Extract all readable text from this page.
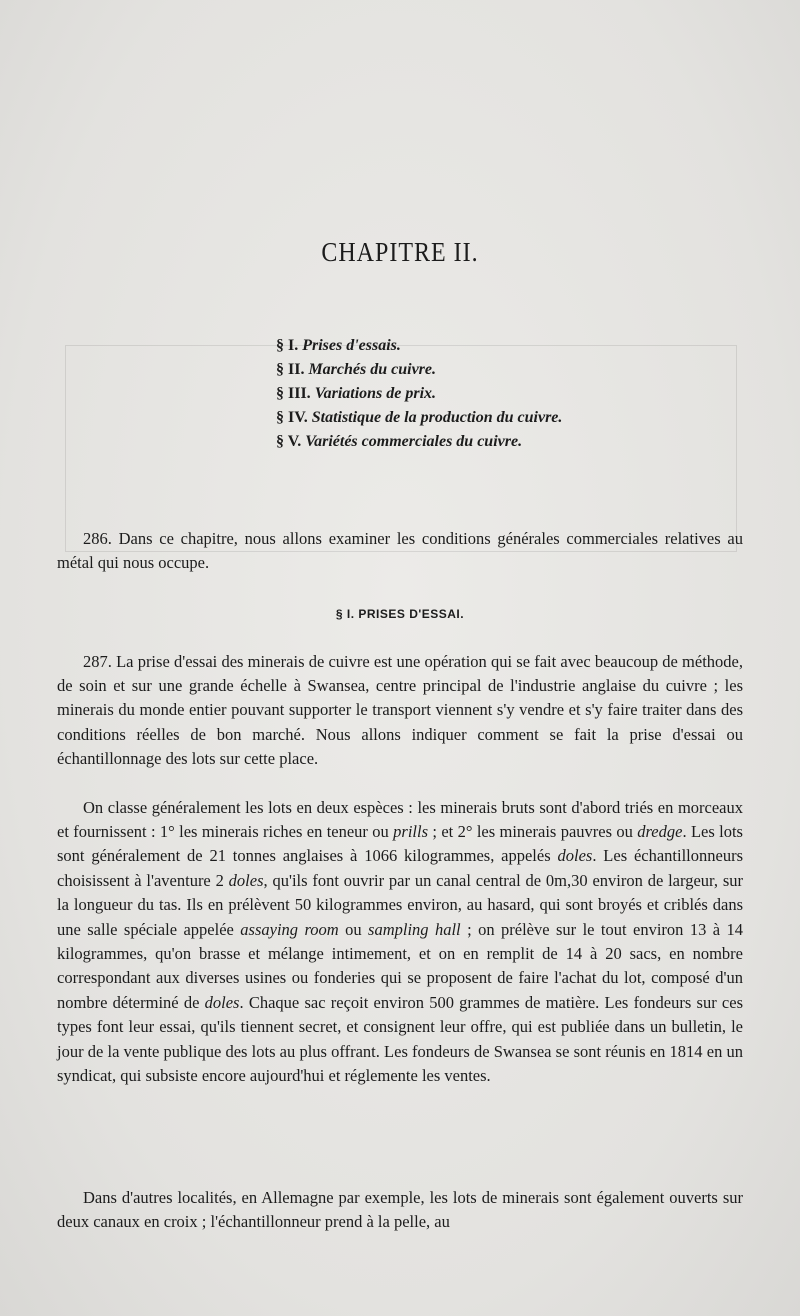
CHAPITRE II.
§ I. Prises d'essais.
§ II. Marchés du cuivre.
§ III. Variations de prix.
§ IV. Statistique de la production du cuivre.
§ V. Variétés commerciales du cuivre.

286. Dans ce chapitre, nous allons examiner les conditions générales commerciales relatives au métal qui nous occupe.

§ I. PRISES D'ESSAI.

287. La prise d'essai des minerais de cuivre est une opération qui se fait avec beaucoup de méthode, de soin et sur une grande échelle à Swansea, centre principal de l'industrie anglaise du cuivre ; les minerais du monde entier pouvant supporter le transport viennent s'y vendre et s'y faire traiter dans des conditions réelles de bon marché. Nous allons indiquer comment se fait la prise d'essai ou échantillonnage des lots sur cette place.

On classe généralement les lots en deux espèces : les minerais bruts sont d'abord triés en morceaux et fournissent : 1° les minerais riches en teneur ou prills ; et 2° les minerais pauvres ou dredge. Les lots sont généralement de 21 tonnes anglaises à 1066 kilogrammes, appelés doles. Les échantillonneurs choisissent à l'aventure 2 doles, qu'ils font ouvrir par un canal central de 0m,30 environ de largeur, sur la longueur du tas. Ils en prélèvent 50 kilogrammes environ, au hasard, qui sont broyés et criblés dans une salle spéciale appelée assaying room ou sampling hall ; on prélève sur le tout environ 13 à 14 kilogrammes, qu'on brasse et mélange intimement, et on en remplit de 14 à 20 sacs, en nombre correspondant aux diverses usines ou fonderies qui se proposent de faire l'achat du lot, composé d'un nombre déterminé de doles. Chaque sac reçoit environ 500 grammes de matière. Les fondeurs sur ces types font leur essai, qu'ils tiennent secret, et consignent leur offre, qui est publiée dans un bulletin, le jour de la vente publique des lots au plus offrant. Les fondeurs de Swansea se sont réunis en 1814 en un syndicat, qui subsiste encore aujourd'hui et réglemente les ventes.

Dans d'autres localités, en Allemagne par exemple, les lots de minerais sont également ouverts sur deux canaux en croix ; l'échantillonneur prend à la pelle, au
